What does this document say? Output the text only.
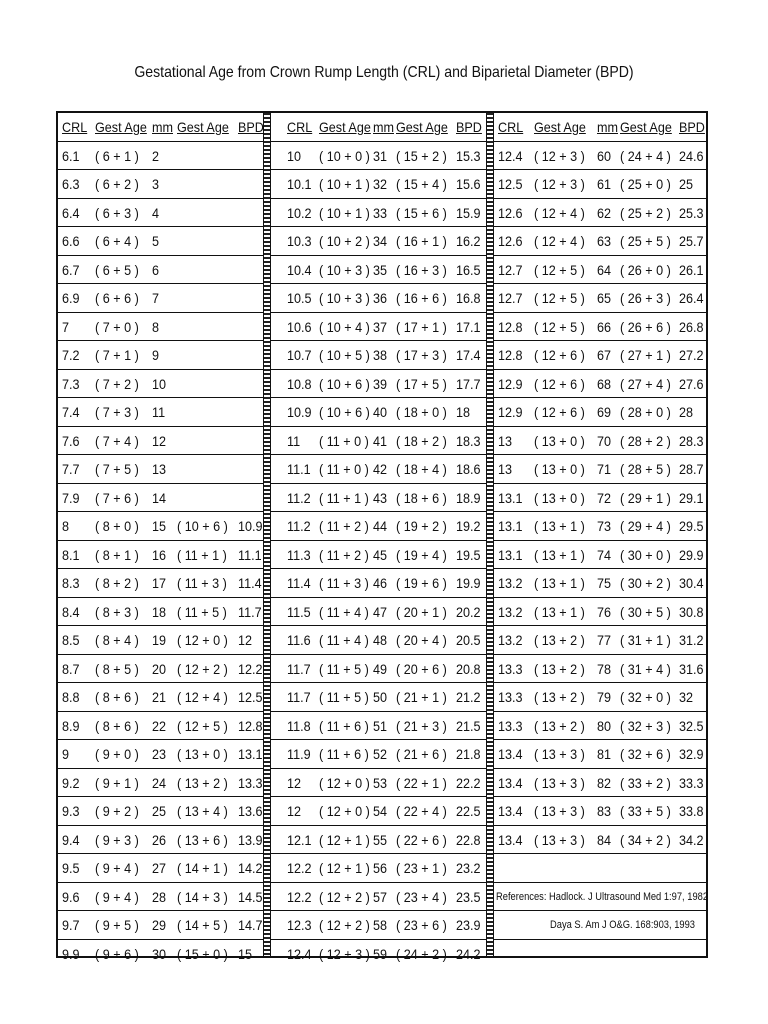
Gestational Age from Crown Rump Length (CRL) and Biparietal Diameter (BPD)
CRL Gest Age mm Gest Age BPD
6.1 ( 6 + 1 ) 2
6.3 ( 6 + 2 ) 3
6.4 ( 6 + 3 ) 4
6.6 ( 6 + 4 ) 5
6.7 ( 6 + 5 ) 6
6.9 ( 6 + 6 ) 7
7 ( 7 + 0 ) 8
7.2 ( 7 + 1 ) 9
7.3 ( 7 + 2 ) 10
7.4 ( 7 + 3 ) 11
7.6 ( 7 + 4 ) 12
7.7 ( 7 + 5 ) 13
7.9 ( 7 + 6 ) 14
8 ( 8 + 0 ) 15 ( 10 + 6 ) 10.9
8.1 ( 8 + 1 ) 16 ( 11 + 1 ) 11.1
8.3 ( 8 + 2 ) 17 ( 11 + 3 ) 11.4
8.4 ( 8 + 3 ) 18 ( 11 + 5 ) 11.7
8.5 ( 8 + 4 ) 19 ( 12 + 0 ) 12
8.7 ( 8 + 5 ) 20 ( 12 + 2 ) 12.2
8.8 ( 8 + 6 ) 21 ( 12 + 4 ) 12.5
8.9 ( 8 + 6 ) 22 ( 12 + 5 ) 12.8
9 ( 9 + 0 ) 23 ( 13 + 0 ) 13.1
9.2 ( 9 + 1 ) 24 ( 13 + 2 ) 13.3
9.3 ( 9 + 2 ) 25 ( 13 + 4 ) 13.6
9.4 ( 9 + 3 ) 26 ( 13 + 6 ) 13.9
9.5 ( 9 + 4 ) 27 ( 14 + 1 ) 14.2
9.6 ( 9 + 4 ) 28 ( 14 + 3 ) 14.5
9.7 ( 9 + 5 ) 29 ( 14 + 5 ) 14.7
9.9 ( 9 + 6 ) 30 ( 15 + 0 ) 15
CRL Gest Age mm Gest Age BPD
10 ( 10 + 0 ) 31 ( 15 + 2 ) 15.3
10.1 ( 10 + 1 ) 32 ( 15 + 4 ) 15.6
10.2 ( 10 + 1 ) 33 ( 15 + 6 ) 15.9
10.3 ( 10 + 2 ) 34 ( 16 + 1 ) 16.2
10.4 ( 10 + 3 ) 35 ( 16 + 3 ) 16.5
10.5 ( 10 + 3 ) 36 ( 16 + 6 ) 16.8
10.6 ( 10 + 4 ) 37 ( 17 + 1 ) 17.1
10.7 ( 10 + 5 ) 38 ( 17 + 3 ) 17.4
10.8 ( 10 + 6 ) 39 ( 17 + 5 ) 17.7
10.9 ( 10 + 6 ) 40 ( 18 + 0 ) 18
11 ( 11 + 0 ) 41 ( 18 + 2 ) 18.3
11.1 ( 11 + 0 ) 42 ( 18 + 4 ) 18.6
11.2 ( 11 + 1 ) 43 ( 18 + 6 ) 18.9
11.2 ( 11 + 2 ) 44 ( 19 + 2 ) 19.2
11.3 ( 11 + 2 ) 45 ( 19 + 4 ) 19.5
11.4 ( 11 + 3 ) 46 ( 19 + 6 ) 19.9
11.5 ( 11 + 4 ) 47 ( 20 + 1 ) 20.2
11.6 ( 11 + 4 ) 48 ( 20 + 4 ) 20.5
11.7 ( 11 + 5 ) 49 ( 20 + 6 ) 20.8
11.7 ( 11 + 5 ) 50 ( 21 + 1 ) 21.2
11.8 ( 11 + 6 ) 51 ( 21 + 3 ) 21.5
11.9 ( 11 + 6 ) 52 ( 21 + 6 ) 21.8
12 ( 12 + 0 ) 53 ( 22 + 1 ) 22.2
12 ( 12 + 0 ) 54 ( 22 + 4 ) 22.5
12.1 ( 12 + 1 ) 55 ( 22 + 6 ) 22.8
12.2 ( 12 + 1 ) 56 ( 23 + 1 ) 23.2
12.2 ( 12 + 2 ) 57 ( 23 + 4 ) 23.5
12.3 ( 12 + 2 ) 58 ( 23 + 6 ) 23.9
12.4 ( 12 + 3 ) 59 ( 24 + 2 ) 24.2
CRL Gest Age mm Gest Age BPD
12.4 ( 12 + 3 ) 60 ( 24 + 4 ) 24.6
12.5 ( 12 + 3 ) 61 ( 25 + 0 ) 25
12.6 ( 12 + 4 ) 62 ( 25 + 2 ) 25.3
12.6 ( 12 + 4 ) 63 ( 25 + 5 ) 25.7
12.7 ( 12 + 5 ) 64 ( 26 + 0 ) 26.1
12.7 ( 12 + 5 ) 65 ( 26 + 3 ) 26.4
12.8 ( 12 + 5 ) 66 ( 26 + 6 ) 26.8
12.8 ( 12 + 6 ) 67 ( 27 + 1 ) 27.2
12.9 ( 12 + 6 ) 68 ( 27 + 4 ) 27.6
12.9 ( 12 + 6 ) 69 ( 28 + 0 ) 28
13 ( 13 + 0 ) 70 ( 28 + 2 ) 28.3
13 ( 13 + 0 ) 71 ( 28 + 5 ) 28.7
13.1 ( 13 + 0 ) 72 ( 29 + 1 ) 29.1
13.1 ( 13 + 1 ) 73 ( 29 + 4 ) 29.5
13.1 ( 13 + 1 ) 74 ( 30 + 0 ) 29.9
13.2 ( 13 + 1 ) 75 ( 30 + 2 ) 30.4
13.2 ( 13 + 1 ) 76 ( 30 + 5 ) 30.8
13.2 ( 13 + 2 ) 77 ( 31 + 1 ) 31.2
13.3 ( 13 + 2 ) 78 ( 31 + 4 ) 31.6
13.3 ( 13 + 2 ) 79 ( 32 + 0 ) 32
13.3 ( 13 + 2 ) 80 ( 32 + 3 ) 32.5
13.4 ( 13 + 3 ) 81 ( 32 + 6 ) 32.9
13.4 ( 13 + 3 ) 82 ( 33 + 2 ) 33.3
13.4 ( 13 + 3 ) 83 ( 33 + 5 ) 33.8
13.4 ( 13 + 3 ) 84 ( 34 + 2 ) 34.2
References: Hadlock. J Ultrasound Med 1:97, 1982
Daya S. Am J O&G. 168:903, 1993
